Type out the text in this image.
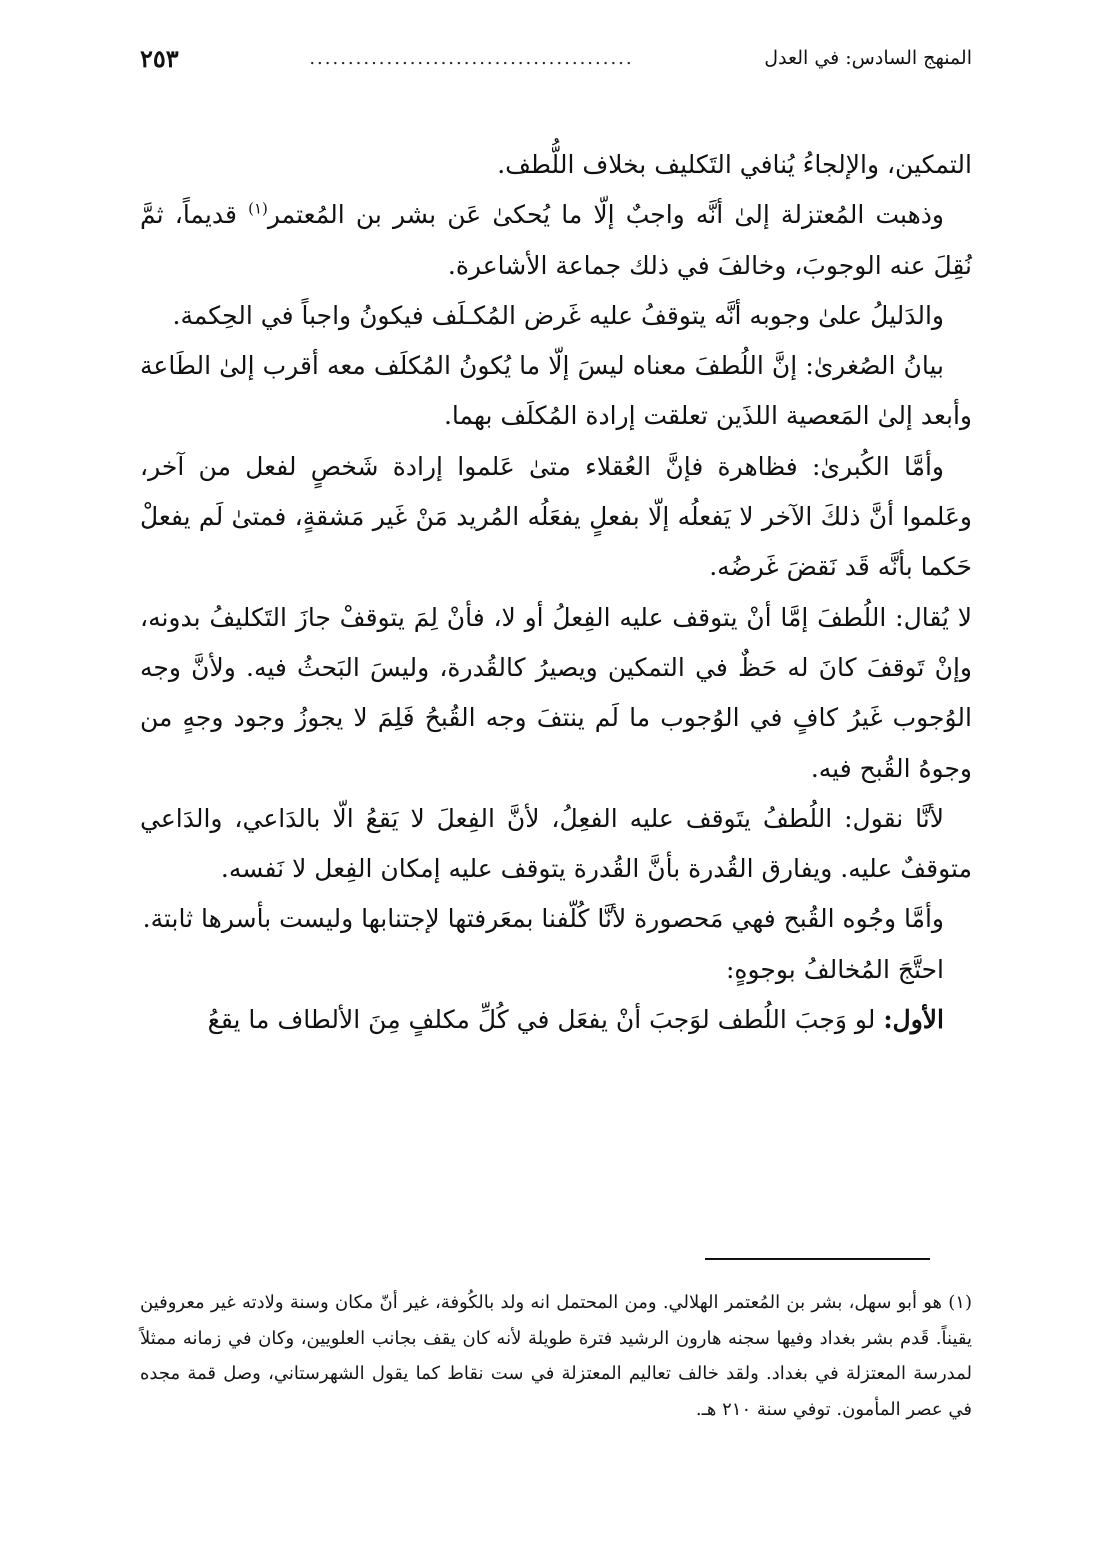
المنهج السادس: في العدل
..........................................
٢٥٣

التمكين، والإلجاءُ يُنافي التَكليف بخلاف اللُّطف.

وذهبت المُعتزلة إلىٰ أنَّه واجبٌ إلّا ما يُحكىٰ عَن بشر بن المُعتمر$^{(١)}$ قديماً، ثمَّ نُقِلَ عنه الوجوبَ، وخالفَ في ذلك جماعة الأشاعرة.

والدَليلُ علىٰ وجوبه أنَّه يتوقفُ عليه غَرض المُكـلَف فيكونُ واجباً في الحِكمة.

بيانُ الصُغرىٰ: إنَّ اللُطفَ معناه ليسَ إلّا ما يُكونُ المُكلَف معه أقرب إلىٰ الطَاعة وأبعد إلىٰ المَعصية اللذَين تعلقت إرادة المُكلَف بهما.

وأمَّا الكُبرىٰ: فظاهرة فإنَّ العُقلاء متىٰ عَلموا إرادة شَخصٍ لفعل من آخر، وعَلموا أنَّ ذلكَ الآخر لا يَفعلُه إلّا بفعلٍ يفعَلُه المُريد مَنْ غَير مَشقةٍ، فمتىٰ لَم يفعلْ حَكما بأنَّه قَد نَقضَ غَرضُه.

لا يُقال: اللُطفَ إمَّا أنْ يتوقف عليه الفِعلُ أو لا، فأنْ لِمَ يتوقفْ جازَ التَكليفُ بدونه، وإنْ تَوقفَ كانَ له حَظٌ في التمكين ويصيرُ كالقُدرة، وليسَ البَحثُ فيه. ولأنَّ وجه الوُجوب غَيرُ كافٍ في الوُجوب ما لَم ينتفَ وجه القُبحُ فَلِمَ لا يجوزُ وجود وجهٍ من وجوهُ القُبح فيه.

لأنَّا نقول: اللُطفُ يتَوقف عليه الفعِلُ، لأنَّ الفِعلَ لا يَقعُ الّا بالدَاعي، والدَاعي متوقفٌ عليه. ويفارق القُدرة بأنَّ القُدرة يتوقف عليه إمكان الفِعل لا نَفسه.

وأمَّا وجُوه القُبح فهي مَحصورة لأنَّا كُلّفنا بمعَرفتها لإجتنابها وليست بأسرها ثابتة.

احتَّجَ المُخالفُ بوجوهٍ:

الأول: لو وَجبَ اللُطف لوَجبَ أنْ يفعَل في كُلِّ مكلفٍ مِنَ الألطاف ما يقعُ

(١) هو أبو سهل، بشر بن المُعتمر الهلالي. ومن المحتمل انه ولد بالكُوفة، غير أنّ مكان وسنة ولادته غير معروفين يقيناً. قَدم بشر بغداد وفيها سجنه هارون الرشيد فترة طويلة لأنه كان يقف بجانب العلويين، وكان في زمانه ممثلاً لمدرسة المعتزلة في بغداد. ولقد خالف تعاليم المعتزلة في ست نقاط كما يقول الشهرستاني، وصل قمة مجده في عصر المأمون. توفي سنة ٢١٠ هـ.
